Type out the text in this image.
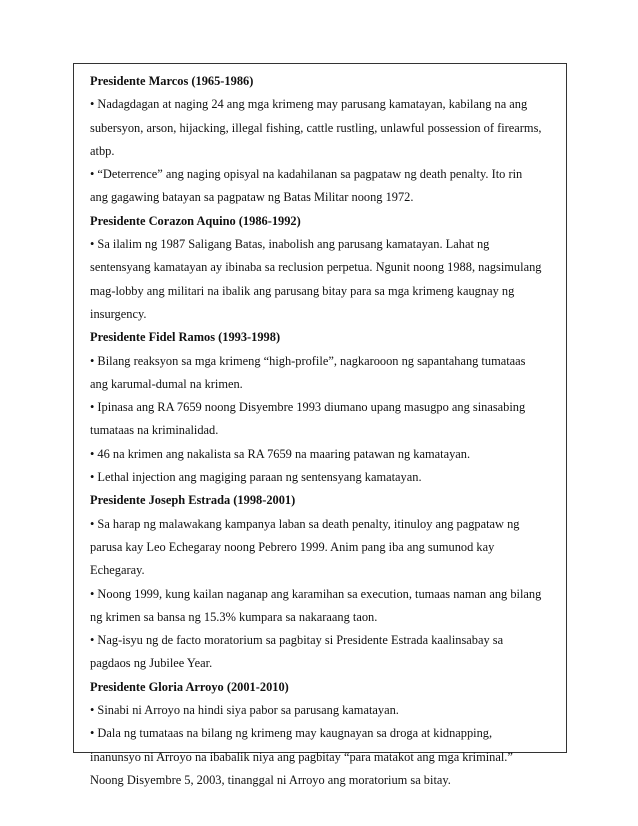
Presidente Marcos (1965-1986)

• Nadagdagan at naging 24 ang mga krimeng may parusang kamatayan, kabilang na ang

subersyon, arson, hijacking, illegal fishing, cattle rustling, unlawful possession of firearms,

atbp.

• “Deterrence” ang naging opisyal na kadahilanan sa pagpataw ng death penalty. Ito rin

ang gagawing batayan sa pagpataw ng Batas Militar noong 1972.

Presidente Corazon Aquino (1986-1992)

• Sa ilalim ng 1987 Saligang Batas, inabolish ang parusang kamatayan. Lahat ng

sentensyang kamatayan ay ibinaba sa reclusion perpetua. Ngunit noong 1988, nagsimulang

mag-lobby ang militari na ibalik ang parusang bitay para sa mga krimeng kaugnay ng

insurgency.

Presidente Fidel Ramos (1993-1998)

• Bilang reaksyon sa mga krimeng “high-profile”, nagkarooon ng sapantahang tumataas

ang karumal-dumal na krimen.

• Ipinasa ang RA 7659 noong Disyembre 1993 diumano upang masugpo ang sinasabing

tumataas na kriminalidad.

• 46 na krimen ang nakalista sa RA 7659 na maaring patawan ng kamatayan.

• Lethal injection ang magiging paraan ng sentensyang kamatayan.

Presidente Joseph Estrada (1998-2001)

• Sa harap ng malawakang kampanya laban sa death penalty, itinuloy ang pagpataw ng

parusa kay Leo Echegaray noong Pebrero 1999. Anim pang iba ang sumunod kay

Echegaray.

• Noong 1999, kung kailan naganap ang karamihan sa execution, tumaas naman ang bilang

ng krimen sa bansa ng 15.3% kumpara sa nakaraang taon.

• Nag-isyu ng de facto moratorium sa pagbitay si Presidente Estrada kaalinsabay sa

pagdaos ng Jubilee Year.

Presidente Gloria Arroyo (2001-2010)

• Sinabi ni Arroyo na hindi siya pabor sa parusang kamatayan.

• Dala ng tumataas na bilang ng krimeng may kaugnayan sa droga at kidnapping,

inanunsyo ni Arroyo na ibabalik niya ang pagbitay “para matakot ang mga kriminal.”

Noong Disyembre 5, 2003, tinanggal ni Arroyo ang moratorium sa bitay.
